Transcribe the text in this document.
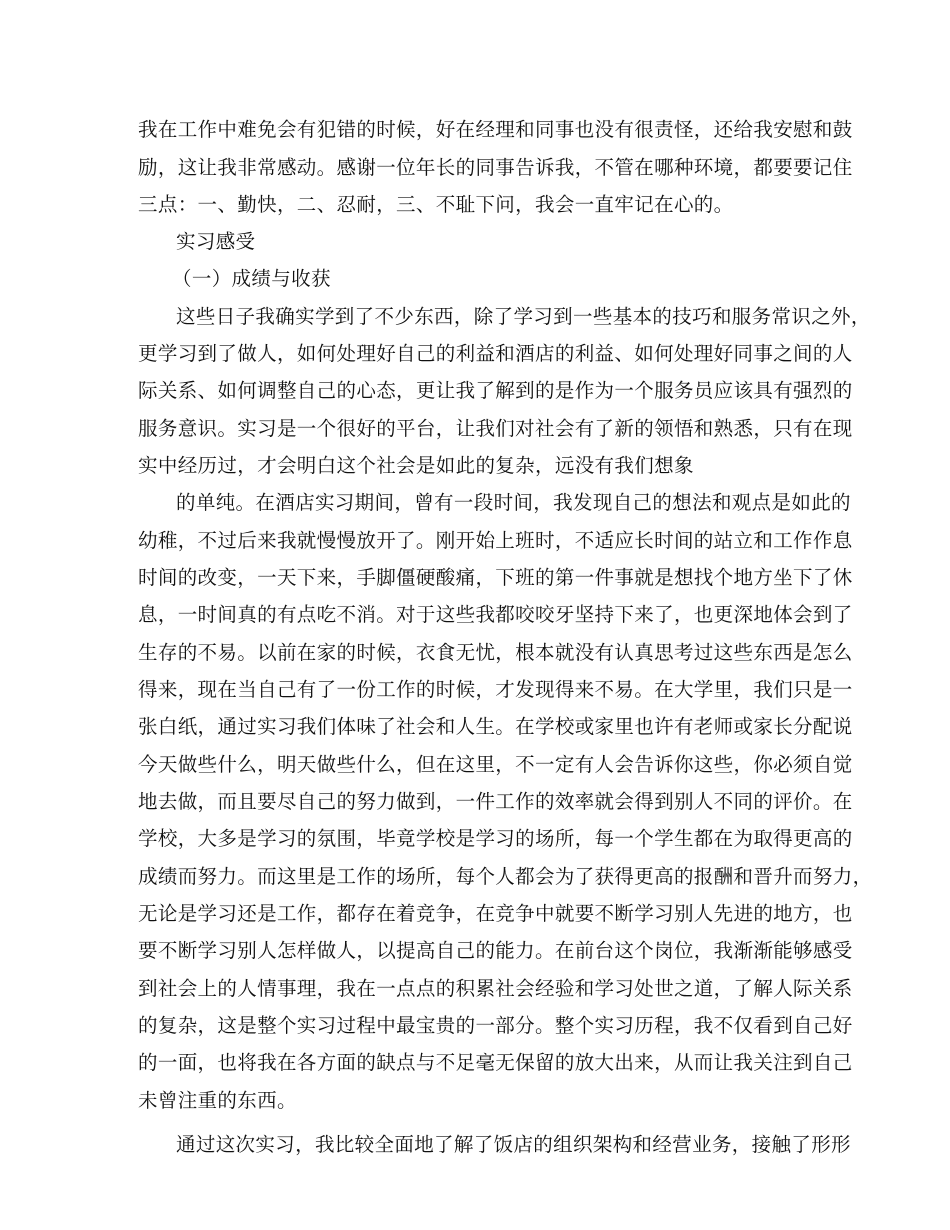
我在工作中难免会有犯错的时候，好在经理和同事也没有很责怪，还给我安慰和鼓
励，这让我非常感动。感谢一位年长的同事告诉我，不管在哪种环境，都要要记住
三点：一、勤快，二、忍耐，三、不耻下问，我会一直牢记在心的。
实习感受
（一）成绩与收获
这些日子我确实学到了不少东西，除了学习到一些基本的技巧和服务常识之外，
更学习到了做人，如何处理好自己的利益和酒店的利益、如何处理好同事之间的人
际关系、如何调整自己的心态，更让我了解到的是作为一个服务员应该具有强烈的
服务意识。实习是一个很好的平台，让我们对社会有了新的领悟和熟悉，只有在现
实中经历过，才会明白这个社会是如此的复杂，远没有我们想象
的单纯。在酒店实习期间，曾有一段时间，我发现自己的想法和观点是如此的
幼稚，不过后来我就慢慢放开了。刚开始上班时，不适应长时间的站立和工作作息
时间的改变，一天下来，手脚僵硬酸痛，下班的第一件事就是想找个地方坐下了休
息，一时间真的有点吃不消。对于这些我都咬咬牙坚持下来了，也更深地体会到了
生存的不易。以前在家的时候，衣食无忧，根本就没有认真思考过这些东西是怎么
得来，现在当自己有了一份工作的时候，才发现得来不易。在大学里，我们只是一
张白纸，通过实习我们体味了社会和人生。在学校或家里也许有老师或家长分配说
今天做些什么，明天做些什么，但在这里，不一定有人会告诉你这些，你必须自觉
地去做，而且要尽自己的努力做到，一件工作的效率就会得到别人不同的评价。在
学校，大多是学习的氛围，毕竟学校是学习的场所，每一个学生都在为取得更高的
成绩而努力。而这里是工作的场所，每个人都会为了获得更高的报酬和晋升而努力，
无论是学习还是工作，都存在着竞争，在竞争中就要不断学习别人先进的地方，也
要不断学习别人怎样做人，以提高自己的能力。在前台这个岗位，我渐渐能够感受
到社会上的人情事理，我在一点点的积累社会经验和学习处世之道，了解人际关系
的复杂，这是整个实习过程中最宝贵的一部分。整个实习历程，我不仅看到自己好
的一面，也将我在各方面的缺点与不足毫无保留的放大出来，从而让我关注到自己
未曾注重的东西。
通过这次实习，我比较全面地了解了饭店的组织架构和经营业务，接触了形形
